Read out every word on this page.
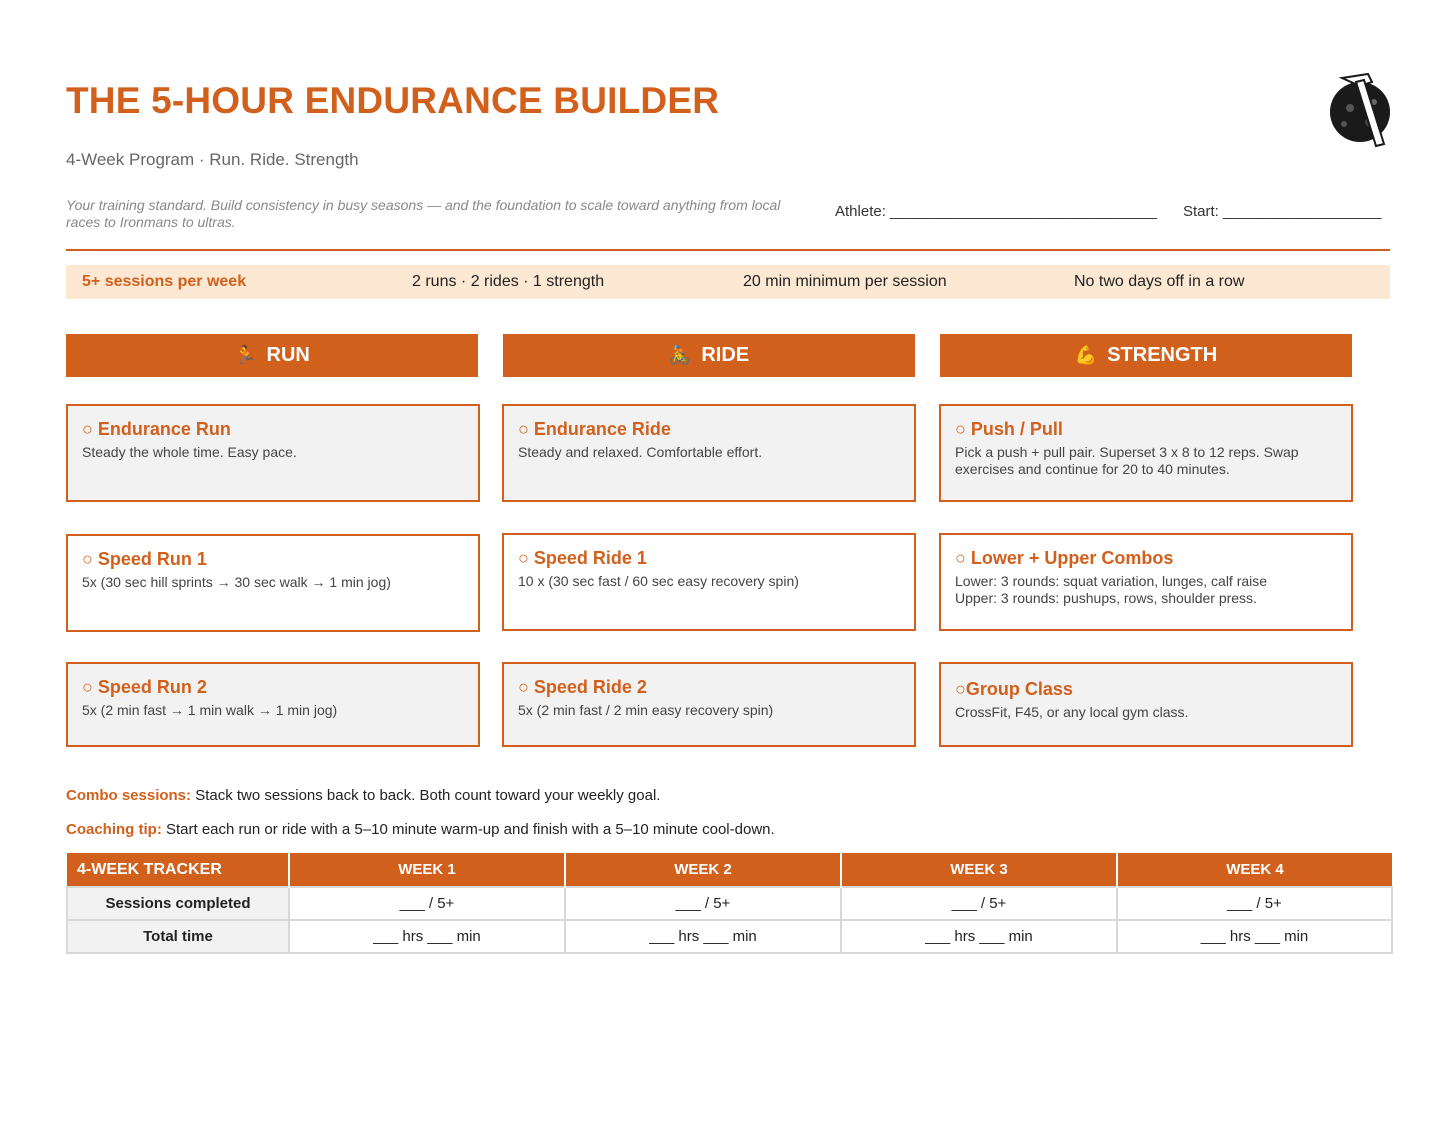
THE 5-HOUR ENDURANCE BUILDER
4-Week Program · Run. Ride. Strength
Your training standard. Build consistency in busy seasons — and the foundation to scale toward anything from local races to Ironmans to ultras.
Athlete: ________________________________ Start: ___________________
5+ sessions per week	2 runs · 2 rides · 1 strength	20 min minimum per session	No two days off in a row
🏃 RUN	🚴 RIDE	💪 STRENGTH
○ Endurance Run
Steady the whole time. Easy pace.
○ Endurance Ride
Steady and relaxed. Comfortable effort.
○ Push / Pull
Pick a push + pull pair. Superset 3 x 8 to 12 reps. Swap exercises and continue for 20 to 40 minutes.
○ Speed Run 1
5x (30 sec hill sprints → 30 sec walk → 1 min jog)
○ Speed Ride 1
10 x (30 sec fast / 60 sec easy recovery spin)
○ Lower + Upper Combos
Lower: 3 rounds: squat variation, lunges, calf raise
Upper: 3 rounds: pushups, rows, shoulder press.
○ Speed Run 2
5x (2 min fast → 1 min walk → 1 min jog)
○ Speed Ride 2
5x (2 min fast / 2 min easy recovery spin)
○Group Class
CrossFit, F45, or any local gym class.
Combo sessions: Stack two sessions back to back. Both count toward your weekly goal.
Coaching tip: Start each run or ride with a 5–10 minute warm-up and finish with a 5–10 minute cool-down.
4-WEEK TRACKER	WEEK 1	WEEK 2	WEEK 3	WEEK 4
Sessions completed	___ / 5+	___ / 5+	___ / 5+	___ / 5+
Total time	___ hrs ___ min	___ hrs ___ min	___ hrs ___ min	___ hrs ___ min
